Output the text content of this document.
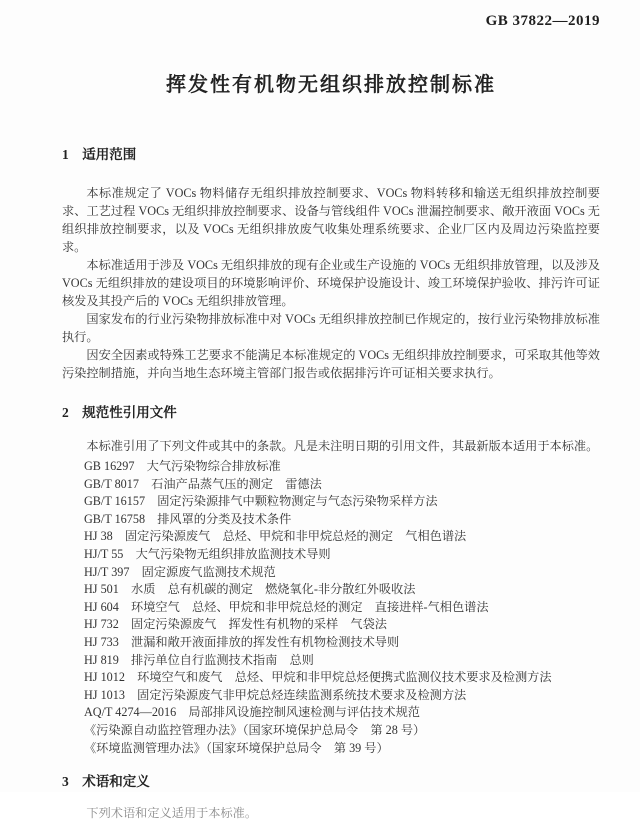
GB 37822—2019
挥发性有机物无组织排放控制标准
1　适用范围

本标准规定了 VOCs 物料储存无组织排放控制要求、VOCs 物料转移和输送无组织排放控制要求、工艺过程 VOCs 无组织排放控制要求、设备与管线组件 VOCs 泄漏控制要求、敞开液面 VOCs 无组织排放控制要求，以及 VOCs 无组织排放废气收集处理系统要求、企业厂区内及周边污染监控要求。

本标准适用于涉及 VOCs 无组织排放的现有企业或生产设施的 VOCs 无组织排放管理，以及涉及 VOCs 无组织排放的建设项目的环境影响评价、环境保护设施设计、竣工环境保护验收、排污许可证核发及其投产后的 VOCs 无组织排放管理。

国家发布的行业污染物排放标准中对 VOCs 无组织排放控制已作规定的，按行业污染物排放标准执行。

因安全因素或特殊工艺要求不能满足本标准规定的 VOCs 无组织排放控制要求，可采取其他等效污染控制措施，并向当地生态环境主管部门报告或依据排污许可证相关要求执行。

2　规范性引用文件

本标准引用了下列文件或其中的条款。凡是未注明日期的引用文件，其最新版本适用于本标准。

GB 16297　大气污染物综合排放标准
GB/T 8017　石油产品蒸气压的测定　雷德法
GB/T 16157　固定污染源排气中颗粒物测定与气态污染物采样方法
GB/T 16758　排风罩的分类及技术条件
HJ 38　固定污染源废气　总烃、甲烷和非甲烷总烃的测定　气相色谱法
HJ/T 55　大气污染物无组织排放监测技术导则
HJ/T 397　固定源废气监测技术规范
HJ 501　水质　总有机碳的测定　燃烧氧化-非分散红外吸收法
HJ 604　环境空气　总烃、甲烷和非甲烷总烃的测定　直接进样-气相色谱法
HJ 732　固定污染源废气　挥发性有机物的采样　气袋法
HJ 733　泄漏和敞开液面排放的挥发性有机物检测技术导则
HJ 819　排污单位自行监测技术指南　总则
HJ 1012　环境空气和废气　总烃、甲烷和非甲烷总烃便携式监测仪技术要求及检测方法
HJ 1013　固定污染源废气非甲烷总烃连续监测系统技术要求及检测方法
AQ/T 4274—2016　局部排风设施控制风速检测与评估技术规范
《污染源自动监控管理办法》（国家环境保护总局令　第 28 号）
《环境监测管理办法》（国家环境保护总局令　第 39 号）
3　术语和定义

下列术语和定义适用于本标准。
